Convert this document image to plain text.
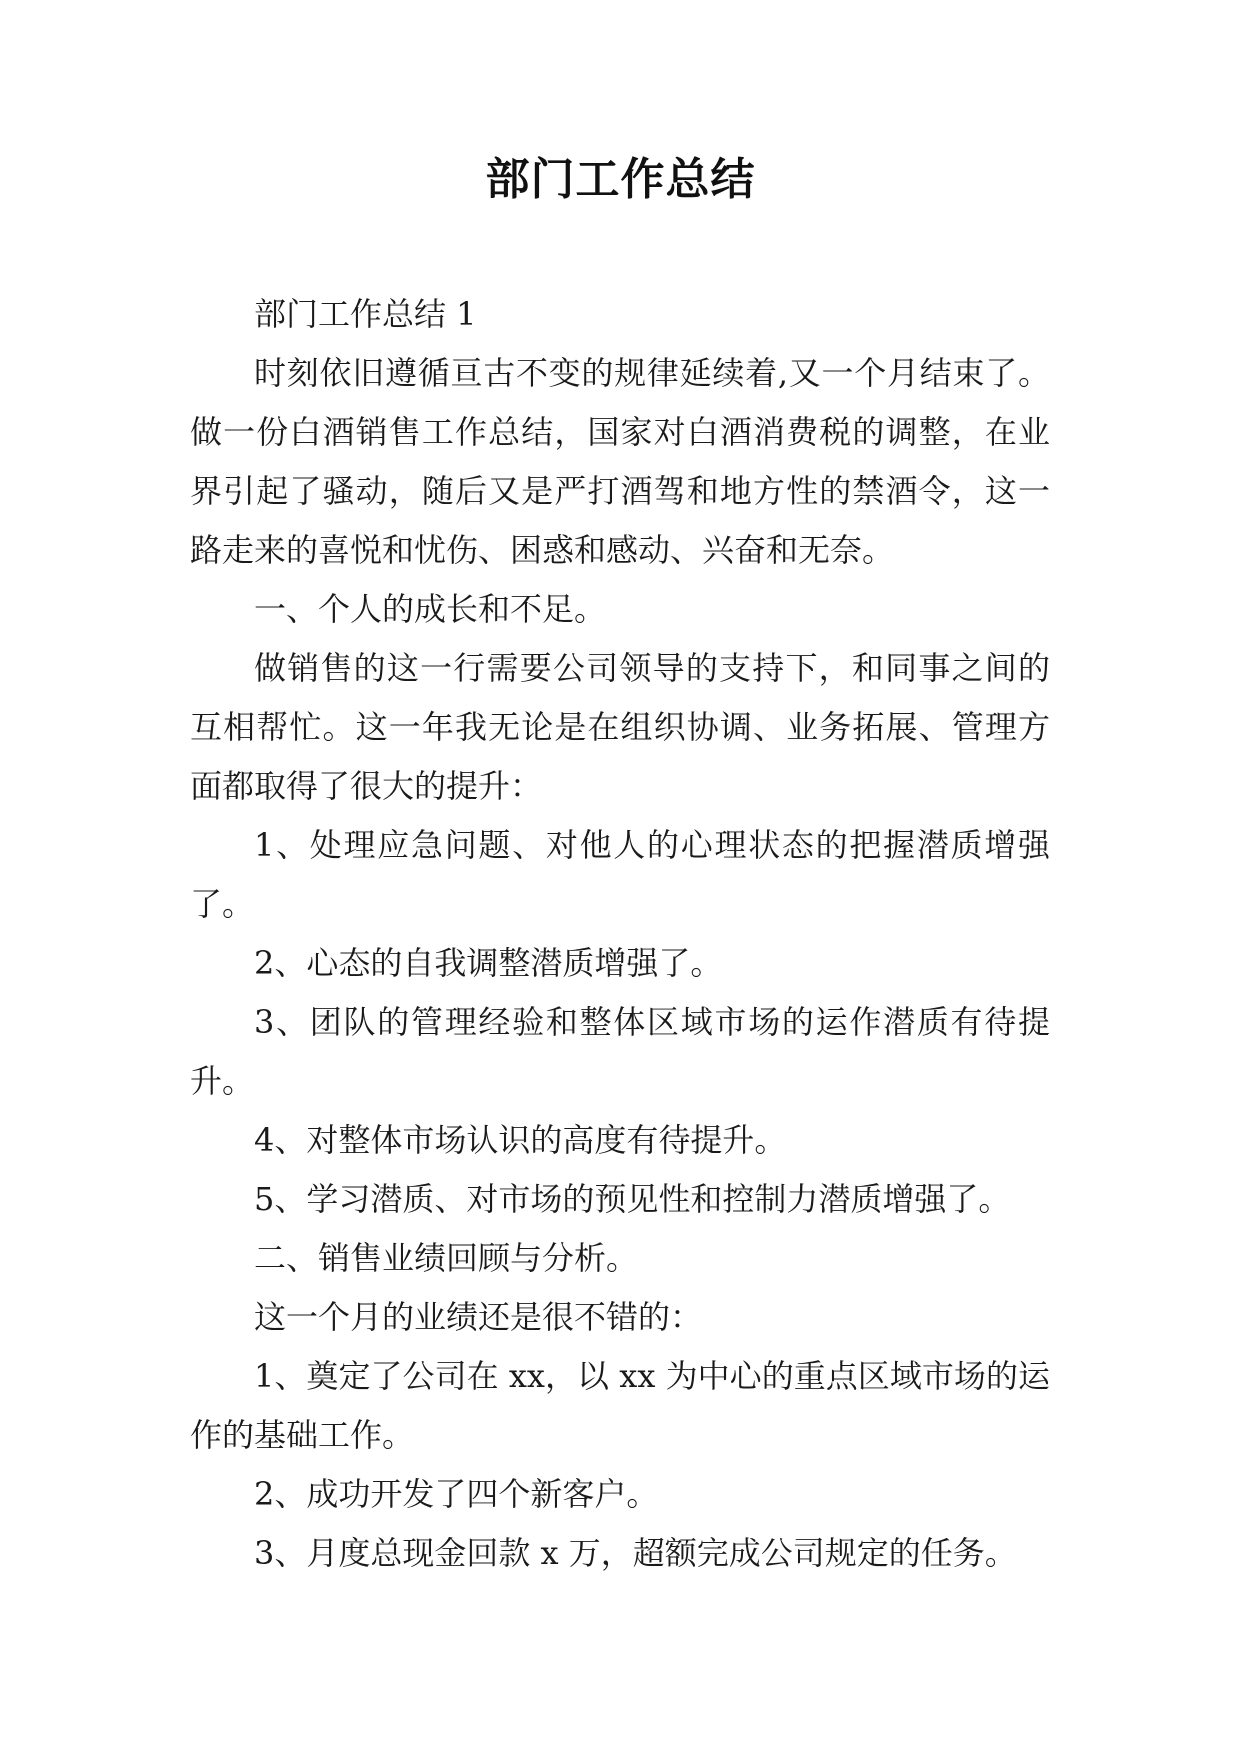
部门工作总结

部门工作总结 1

时刻依旧遵循亘古不变的规律延续着,又一个月结束了。做一份白酒销售工作总结，国家对白酒消费税的调整，在业界引起了骚动，随后又是严打酒驾和地方性的禁酒令，这一路走来的喜悦和忧伤、困惑和感动、兴奋和无奈。

一、个人的成长和不足。

做销售的这一行需要公司领导的支持下，和同事之间的互相帮忙。这一年我无论是在组织协调、业务拓展、管理方面都取得了很大的提升：

1、处理应急问题、对他人的心理状态的把握潜质增强了。

2、心态的自我调整潜质增强了。

3、团队的管理经验和整体区域市场的运作潜质有待提升。

4、对整体市场认识的高度有待提升。

5、学习潜质、对市场的预见性和控制力潜质增强了。

二、销售业绩回顾与分析。

这一个月的业绩还是很不错的：

1、奠定了公司在 xx，以 xx 为中心的重点区域市场的运作的基础工作。

2、成功开发了四个新客户。

3、月度总现金回款 x 万，超额完成公司规定的任务。
